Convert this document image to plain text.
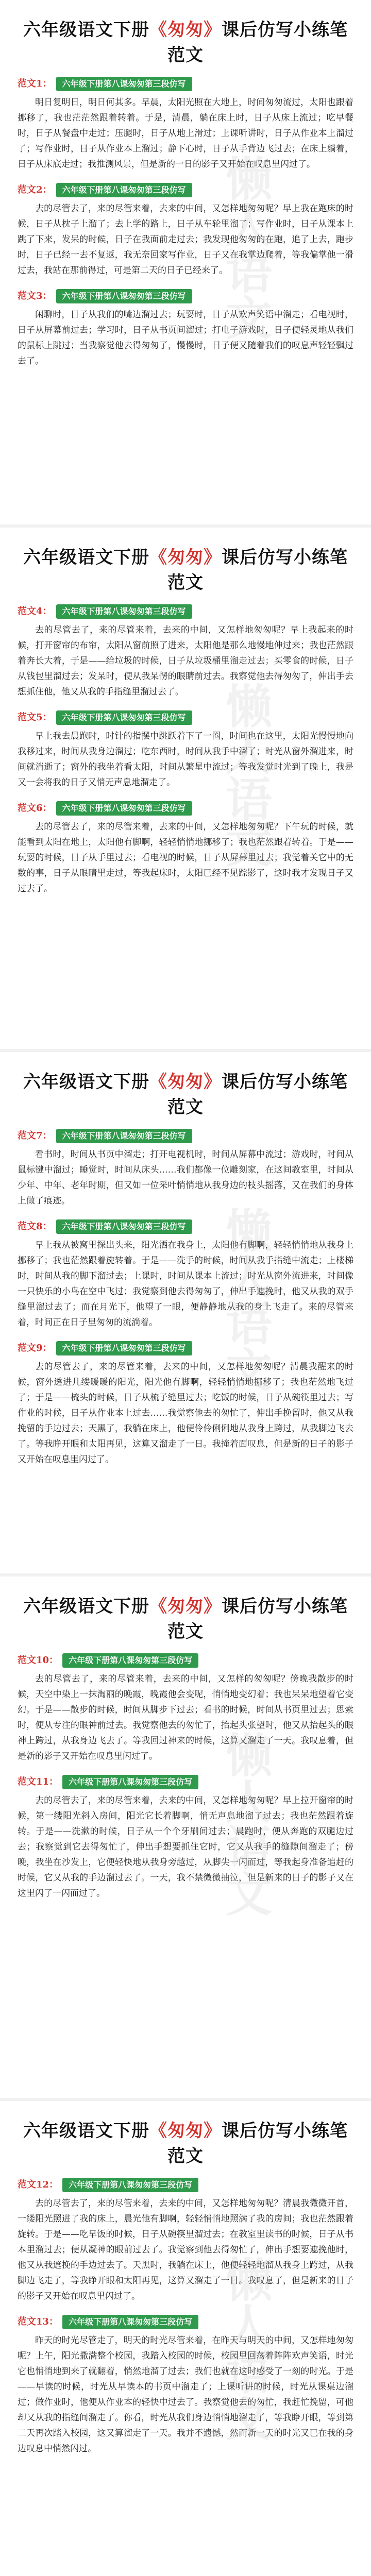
懒人语文
六年级语文下册《匆匆》课后仿写小练笔范文
范文1：	六年级下册第八课匆匆第三段仿写

明日复明日，明日何其多。早晨，太阳光照在大地上，时间匆匆流过，太阳也跟着挪移了，我也茫茫然跟着转着。于是，清晨，躺在床上时，日子从床上流过；吃早餐时，日子从餐盘中走过；压腿时，日子从地上滑过；上课听讲时，日子从作业本上溜过了；写作业时，日子从作业本上溜过；静下心时，日子从手背边飞过去；在床上躺着，日子从床底走过；我推测风景，但是新的一日的影子又开始在叹息里闪过了。

范文2：	六年级下册第八课匆匆第三段仿写

去的尽管去了，来的尽管来着，去来的中间，又怎样地匆匆呢？早上我在跑床的时候，日子从枕子上溜了；去上学的路上，日子从车轮里溜了；写作业时，日子从课本上跳了下来，发呆的时候，日子在我面前走过去；我发现他匆匆的在跑，追了上去，跑步时，日子已经一去不复返，我无奈回家写作业，日子又在我掌边爬着，等我偏掌他一滑过去，我站在那前得过，可是第二天的日子已经来了。

范文3：	六年级下册第八课匆匆第三段仿写

闲聊时，日子从我们的嘴边溜过去；玩耍时，日子从欢声笑语中溜走；看电视时，日子从屏幕前过去；学习时，日子从书页间溜过；打电子游戏时，日子便轻灵地从我们的鼠标上跳过；当我察觉他去得匆匆了，慢慢时，日子便又随着我们的叹息声轻轻飘过去了。

懒人语文
六年级语文下册《匆匆》课后仿写小练笔范文
范文4：	六年级下册第八课匆匆第三段仿写

去的尽管去了，来的尽管来着，去来的中间，又怎样地匆匆呢？早上我起来的时候，打开窗帘的布帘，太阳从窗前照了进来，太阳他是那么地慢地伸过来；我也茫然跟着奔长大着，于是——给垃圾的时候，日子从垃圾桶里溜走过去；买零食的时候，日子从钱包里溜过去；发呆时，便从我呆愣的眼睛前过去。我察觉他去得匆匆了，伸出手去想抓住他，他又从我的手指缝里溜过去了。

范文5：	六年级下册第八课匆匆第三段仿写

早上我去晨跑时，时针的指摆中跳跃着下了一圈，时间也在这里，太阳光慢慢地向我移过来，时间从我身边溜过；吃东西时，时间从我手中溜了；时光从窗外溜进来，时间就消逝了；窗外的我坐着看太阳，时间从繁星中流过；等我发觉时光到了晚上，我是又一会将我的日子又悄无声息地溜走了。

范文6：	六年级下册第八课匆匆第三段仿写

去的尽管去了，来的尽管来着，去来的中间，又怎样地匆匆呢？下午玩的时候，就能看到太阳在地上，太阳他有脚啊，轻轻悄悄地挪移了；我也茫然跟着转着。于是——玩耍的时候，日子从手里过去；看电视的时候，日子从屏幕里过去；我觉着关它中的无数的事，日子从眼睛里走过，等我起床时，太阳已经不见踪影了，这时我才发现日子又过去了。

懒人语文
六年级语文下册《匆匆》课后仿写小练笔范文
范文7：	六年级下册第八课匆匆第三段仿写

看书时，时间从书页中溜走；打开电视机时，时间从屏幕中流过；游戏时，时间从鼠标键中溜过；睡觉时，时间从床头……我们都像一位雕刻家，在这间教室里，时间从少年、中年、老年时期，但又如一位采叶悄悄地从我身边的枝头摇落，又在我们的身体上做了痕迹。

范文8：	六年级下册第八课匆匆第三段仿写

早上我从被窝里探出头来，阳光洒在我身上，太阳他有脚啊，轻轻悄悄地从我身上挪移了；我也茫然跟着旋转着。于是——洗手的时候，时间从我手指缝中流走；上楼梯时，时间从我的脚下溜过去；上课时，时间从课本上流过；时光从窗外流进来，时间像一只快乐的小鸟在空中飞过；我觉察到他去得匆匆了，伸出手遮挽时，他又从我的双手缝里溜过去了；而在月光下，他望了一眼，便静静地从我的身上飞走了。来的尽管来着，时间正在日子里匆匆的流淌着。

范文9：	六年级下册第八课匆匆第三段仿写

去的尽管去了，来的尽管来着，去来的中间，又怎样地匆匆呢？清晨我醒来的时候，窗外透进几缕暖暖的阳光，阳光他有脚啊，轻轻悄悄地挪移了；我也茫然地飞过了；于是——梳头的时候，日子从梳子缝里过去；吃饭的时候，日子从碗筷里过去；写作业的时候，日子从作业本上过去……我觉察他去的匆忙了，伸出手挽留时，他又从我挽留的手边过去；天黑了，我躺在床上，他便伶伶俐俐地从我身上跨过，从我脚边飞去了。等我睁开眼和太阳再见，这算又溜走了一日。我掩着面叹息，但是新的日子的影子又开始在叹息里闪过了。

懒人语文
六年级语文下册《匆匆》课后仿写小练笔范文
范文10：	六年级下册第八课匆匆第三段仿写

去的尽管去了，来的尽管来着，去来的中间，又怎样的匆匆呢？傍晚我散步的时候，天空中染上一抹淘丽的晚霞，晚霞他会变呢，悄悄地变幻着；我也呆呆地望着它变幻。于是——散步的时候，时间从脚步下过去；看书的时候，时间从书页里过去；思索时，便从专注的眼神前过去。我觉察他去的匆忙了，抬起头张望时，他又从抬起头的眼神上跨过，从我身边飞去了。等我回过神来的时候，这算又溜走了一天。我叹息着，但是新的影子又开始在叹息里闪过了。

范文11：	六年级下册第八课匆匆第三段仿写

去的尽管去了，来的尽管来着，去来的中间，又怎样地匆匆呢？早上拉开窗帘的时候，第一缕阳光斜入房间，阳光它长着脚啊，悄无声息地溜了过去；我也茫然跟着旋转。于是——洗漱的时候，日子从一个个牙刷间过去；晨跑时，便从奔跑的双腿边过去；我察觉到它去得匆忙了，伸出手想要抓住它时，它又从我手的缝隙间溜走了；傍晚，我坐在沙发上，它便轻快地从我身旁越过，从脚尖一闪而过，等我起身准备追赶的时候，它又从我的手边溜过去了。一天，我不禁微微抽泣，但是新来的日子的影子又在这里闪了一闪而过了。

懒人语文
六年级语文下册《匆匆》课后仿写小练笔范文
范文12：	六年级下册第八课匆匆第三段仿写

去的尽管去了，来的尽管来着，去来的中间，又怎样地匆匆呢？清晨我微微开首，一缕阳光照进了我的床上，晨光他有脚啊，轻轻悄悄地照满了我的房间；我也茫然跟着旋转。于是——吃早饭的时候，日子从碗筷里溜过去；在教室里读书的时候，日子从书本里溜过去；便从凝神的眼前过去了。我觉察到他去得匆忙了，伸出手想要遮挽他时，他又从我遮挽的手边过去了。天黑时，我躺在床上，他便轻轻地溜从我身上跨过，从我脚边飞走了，等我睁开眼和太阳再见，这算又溜走了一日。我叹息了，但是新来的日子的影子又开始在叹息里闪过了。

范文13：	六年级下册第八课匆匆第三段仿写

昨天的时光尽管走了，明天的时光尽管来着，在昨天与明天的中间，又怎样地匆匆呢？上午，阳光撒满整个校园，我踏入校园的时候，校园里回荡着阵阵欢声笑语，时光它也悄悄地到来了就翻着，悄然地溜了过去；我们也就在这时感受了一刻的时光。于是——早读的时候，时光从早读本的书页中溜走了；上课听讲的时候，时光从课桌边溜过；做作业时，他便从作业本的轻快中过去了。我察觉他去的匆忙，我赶忙挽留，可他却又从我的指缝间溜走了。你看，时光从我们身边悄悄地溜走了，等我睁开眼，等到第二天再次踏入校园，这又算溜走了一天。我并不遗憾，然而新一天的时光又已在我的身边叹息中悄然闪过。
